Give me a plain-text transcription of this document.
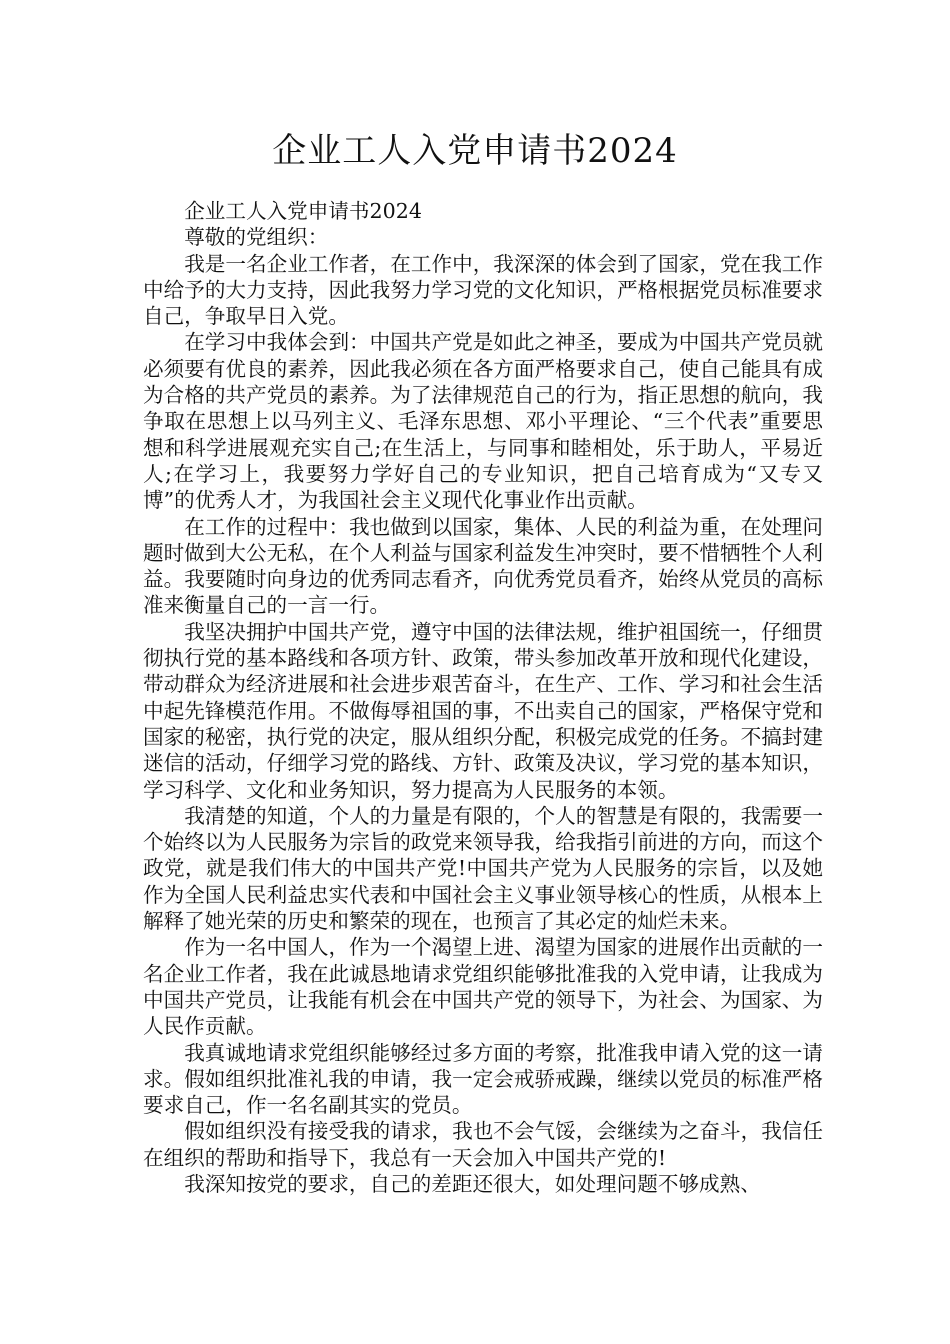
企业工人入党申请书2024

企业工人入党申请书2024

尊敬的党组织：

我是一名企业工作者，在工作中，我深深的体会到了国家，党在我工作中给予的大力支持，因此我努力学习党的文化知识，严格根据党员标准要求自己，争取早日入党。

在学习中我体会到：中国共产党是如此之神圣，要成为中国共产党员就必须要有优良的素养，因此我必须在各方面严格要求自己，使自己能具有成为合格的共产党员的素养。为了法律规范自己的行为，指正思想的航向，我争取在思想上以马列主义、毛泽东思想、邓小平理论、“三个代表”重要思想和科学进展观充实自己;在生活上，与同事和睦相处，乐于助人，平易近人;在学习上，我要努力学好自己的专业知识，把自己培育成为“又专又博”的优秀人才，为我国社会主义现代化事业作出贡献。

在工作的过程中：我也做到以国家，集体、人民的利益为重，在处理问题时做到大公无私，在个人利益与国家利益发生冲突时，要不惜牺牲个人利益。我要随时向身边的优秀同志看齐，向优秀党员看齐，始终从党员的高标准来衡量自己的一言一行。

我坚决拥护中国共产党，遵守中国的法律法规，维护祖国统一，仔细贯彻执行党的基本路线和各项方针、政策，带头参加改革开放和现代化建设，带动群众为经济进展和社会进步艰苦奋斗，在生产、工作、学习和社会生活中起先锋模范作用。不做侮辱祖国的事，不出卖自己的国家，严格保守党和国家的秘密，执行党的决定，服从组织分配，积极完成党的任务。不搞封建迷信的活动，仔细学习党的路线、方针、政策及决议，学习党的基本知识，学习科学、文化和业务知识，努力提高为人民服务的本领。

我清楚的知道，个人的力量是有限的，个人的智慧是有限的，我需要一个始终以为人民服务为宗旨的政党来领导我，给我指引前进的方向，而这个政党，就是我们伟大的中国共产党!中国共产党为人民服务的宗旨，以及她作为全国人民利益忠实代表和中国社会主义事业领导核心的性质，从根本上解释了她光荣的历史和繁荣的现在，也预言了其必定的灿烂未来。

作为一名中国人，作为一个渴望上进、渴望为国家的进展作出贡献的一名企业工作者，我在此诚恳地请求党组织能够批准我的入党申请，让我成为中国共产党员，让我能有机会在中国共产党的领导下，为社会、为国家、为人民作贡献。

我真诚地请求党组织能够经过多方面的考察，批准我申请入党的这一请求。假如组织批准礼我的申请，我一定会戒骄戒躁，继续以党员的标准严格要求自己，作一名名副其实的党员。

假如组织没有接受我的请求，我也不会气馁，会继续为之奋斗，我信任在组织的帮助和指导下，我总有一天会加入中国共产党的!

我深知按党的要求，自己的差距还很大，如处理问题不够成熟、
